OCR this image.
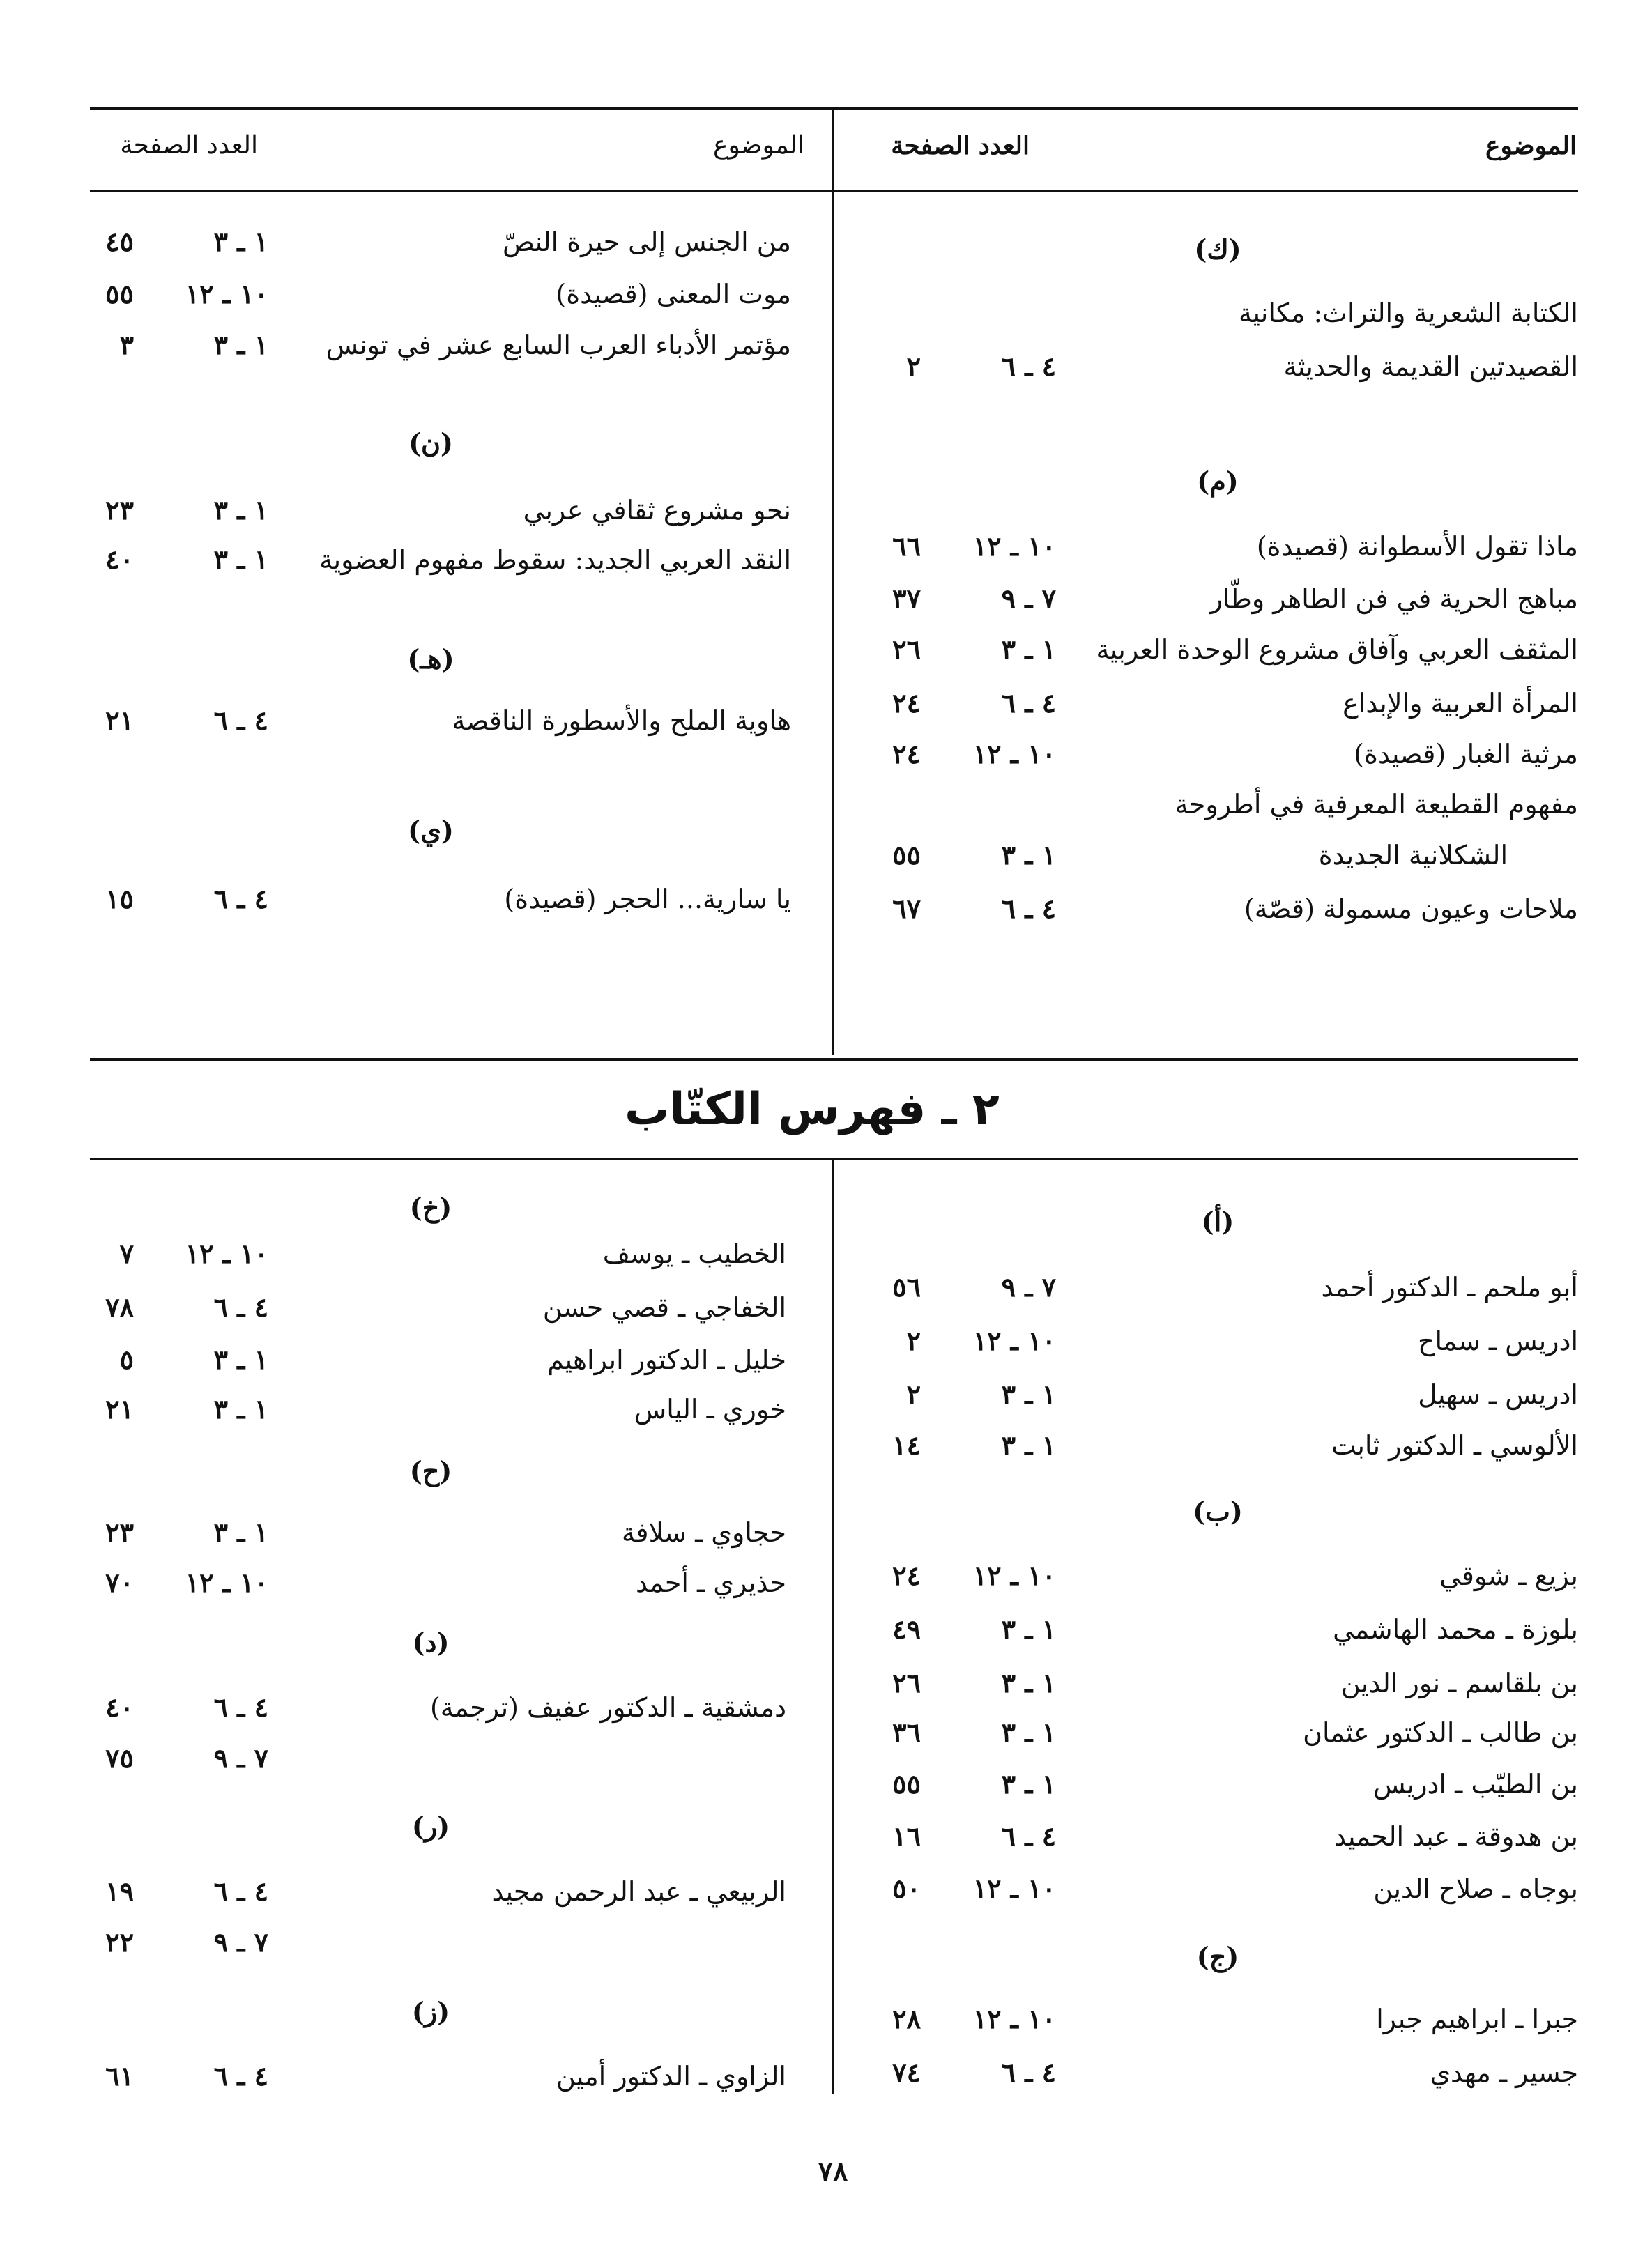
الموضوع
العدد الصفحة
الموضوع
العدد الصفحة
٢ ـ فهرس الكتّاب
٧٨
(ك)
الكتابة الشعرية والتراث: مكانية
القصيدتين القديمة والحديثة
٤ ـ ٦
٢
(م)
ماذا تقول الأسطوانة (قصيدة)
١٠ ـ ١٢
٦٦
مباهج الحرية في فن الطاهر وطّار
٧ ـ ٩
٣٧
المثقف العربي وآفاق مشروع الوحدة العربية
١ ـ ٣
٢٦
المرأة العربية والإبداع
٤ ـ ٦
٢٤
مرثية الغبار (قصيدة)
١٠ ـ ١٢
٢٤
مفهوم القطيعة المعرفية في أطروحة
الشكلانية الجديدة
١ ـ ٣
٥٥
ملاحات وعيون مسمولة (قصّة)
٤ ـ ٦
٦٧
من الجنس إلى حيرة النصّ
١ ـ ٣
٤٥
موت المعنى (قصيدة)
١٠ ـ ١٢
٥٥
مؤتمر الأدباء العرب السابع عشر في تونس
١ ـ ٣
٣
(ن)
نحو مشروع ثقافي عربي
١ ـ ٣
٢٣
النقد العربي الجديد: سقوط مفهوم العضوية
١ ـ ٣
٤٠
(هـ)
هاوية الملح والأسطورة الناقصة
٤ ـ ٦
٢١
(ي)
يا سارية... الحجر (قصيدة)
٤ ـ ٦
١٥
(أ)
أبو ملحم ـ الدكتور أحمد
٧ ـ ٩
٥٦
ادريس ـ سماح
١٠ ـ ١٢
٢
ادريس ـ سهيل
١ ـ ٣
٢
الألوسي ـ الدكتور ثابت
١ ـ ٣
١٤
(ب)
بزيع ـ شوقي
١٠ ـ ١٢
٢٤
بلوزة ـ محمد الهاشمي
١ ـ ٣
٤٩
بن بلقاسم ـ نور الدين
١ ـ ٣
٢٦
بن طالب ـ الدكتور عثمان
١ ـ ٣
٣٦
بن الطيّب ـ ادريس
١ ـ ٣
٥٥
بن هدوقة ـ عبد الحميد
٤ ـ ٦
١٦
بوجاه ـ صلاح الدين
١٠ ـ ١٢
٥٠
(ج)
جبرا ـ ابراهيم جبرا
١٠ ـ ١٢
٢٨
جسير ـ مهدي
٤ ـ ٦
٧٤
(خ)
الخطيب ـ يوسف
١٠ ـ ١٢
٧
الخفاجي ـ قصي حسن
٤ ـ ٦
٧٨
خليل ـ الدكتور ابراهيم
١ ـ ٣
٥
خوري ـ الياس
١ ـ ٣
٢١
(ح)
حجاوي ـ سلافة
١ ـ ٣
٢٣
حذيري ـ أحمد
١٠ ـ ١٢
٧٠
(د)
دمشقية ـ الدكتور عفيف (ترجمة)
٤ ـ ٦
٤٠
٧ ـ ٩
٧٥
(ر)
الربيعي ـ عبد الرحمن مجيد
٤ ـ ٦
١٩
٧ ـ ٩
٢٢
(ز)
الزاوي ـ الدكتور أمين
٤ ـ ٦
٦١
